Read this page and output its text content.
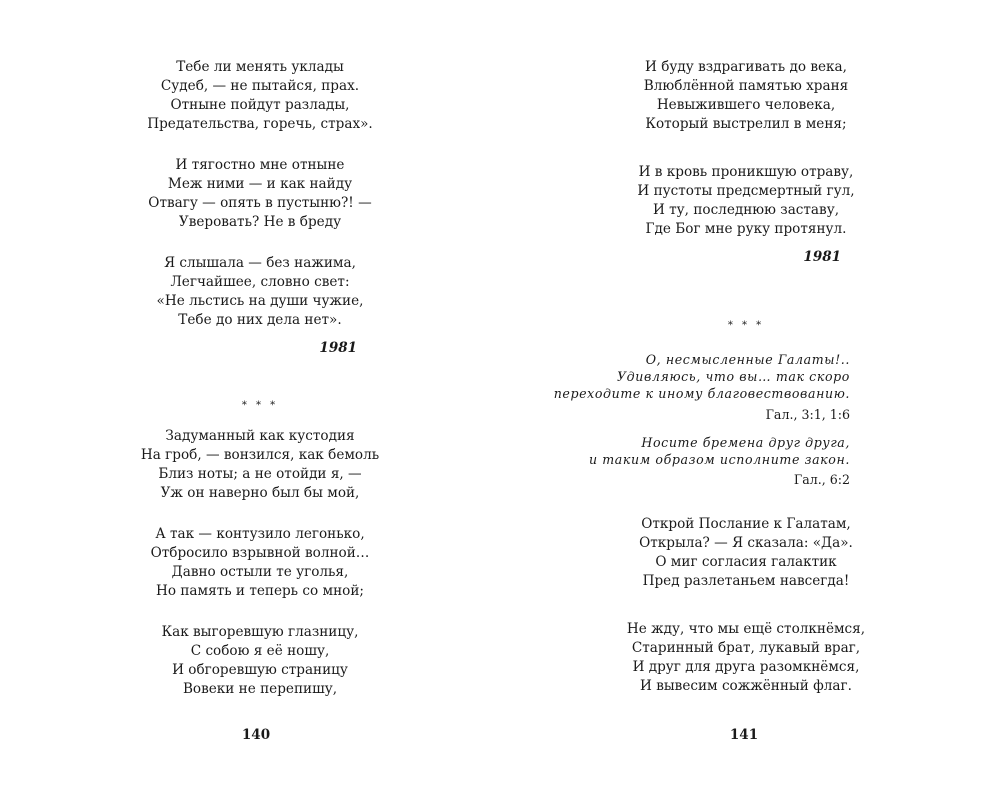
Тебе ли менять уклады
Судеб, — не пытайся, прах.
Отныне пойдут разлады,
Предательства, горечь, страх».
И тягостно мне отныне
Меж ними — и как найду
Отвагу — опять в пустыню?! —
Уверовать? Не в бреду
Я слышала — без нажима,
Легчайшее, словно свет:
«Не льстись на души чужие,
Тебе до них дела нет».
1981
* * *
Задуманный как кустодия
На гроб, — вонзился, как бемоль
Близ ноты; а не отойди я, —
Уж он наверно был бы мой,
А так — контузило легонько,
Отбросило взрывной волной…
Давно остыли те уголья,
Но память и теперь со мной;
Как выгоревшую глазницу,
С собою я её ношу,
И обгоревшую страницу
Вовеки не перепишу,
140
И буду вздрагивать до века,
Влюблённой памятью храня
Невыжившего человека,
Который выстрелил в меня;
И в кровь проникшую отраву,
И пустоты предсмертный гул,
И ту, последнюю заставу,
Где Бог мне руку протянул.
1981
* * *
О, несмысленные Галаты!..
Удивляюсь, что вы… так скоро
переходите к иному благовествованию.
Гал., 3:1, 1:6
Носите бремена друг друга,
и таким образом исполните закон.
Гал., 6:2
Открой Послание к Галатам,
Открыла? — Я сказала: «Да».
О миг согласия галактик
Пред разлетаньем навсегда!
Не жду, что мы ещё столкнёмся,
Старинный брат, лукавый враг,
И друг для друга разомкнёмся,
И вывесим сожжённый флаг.
141
